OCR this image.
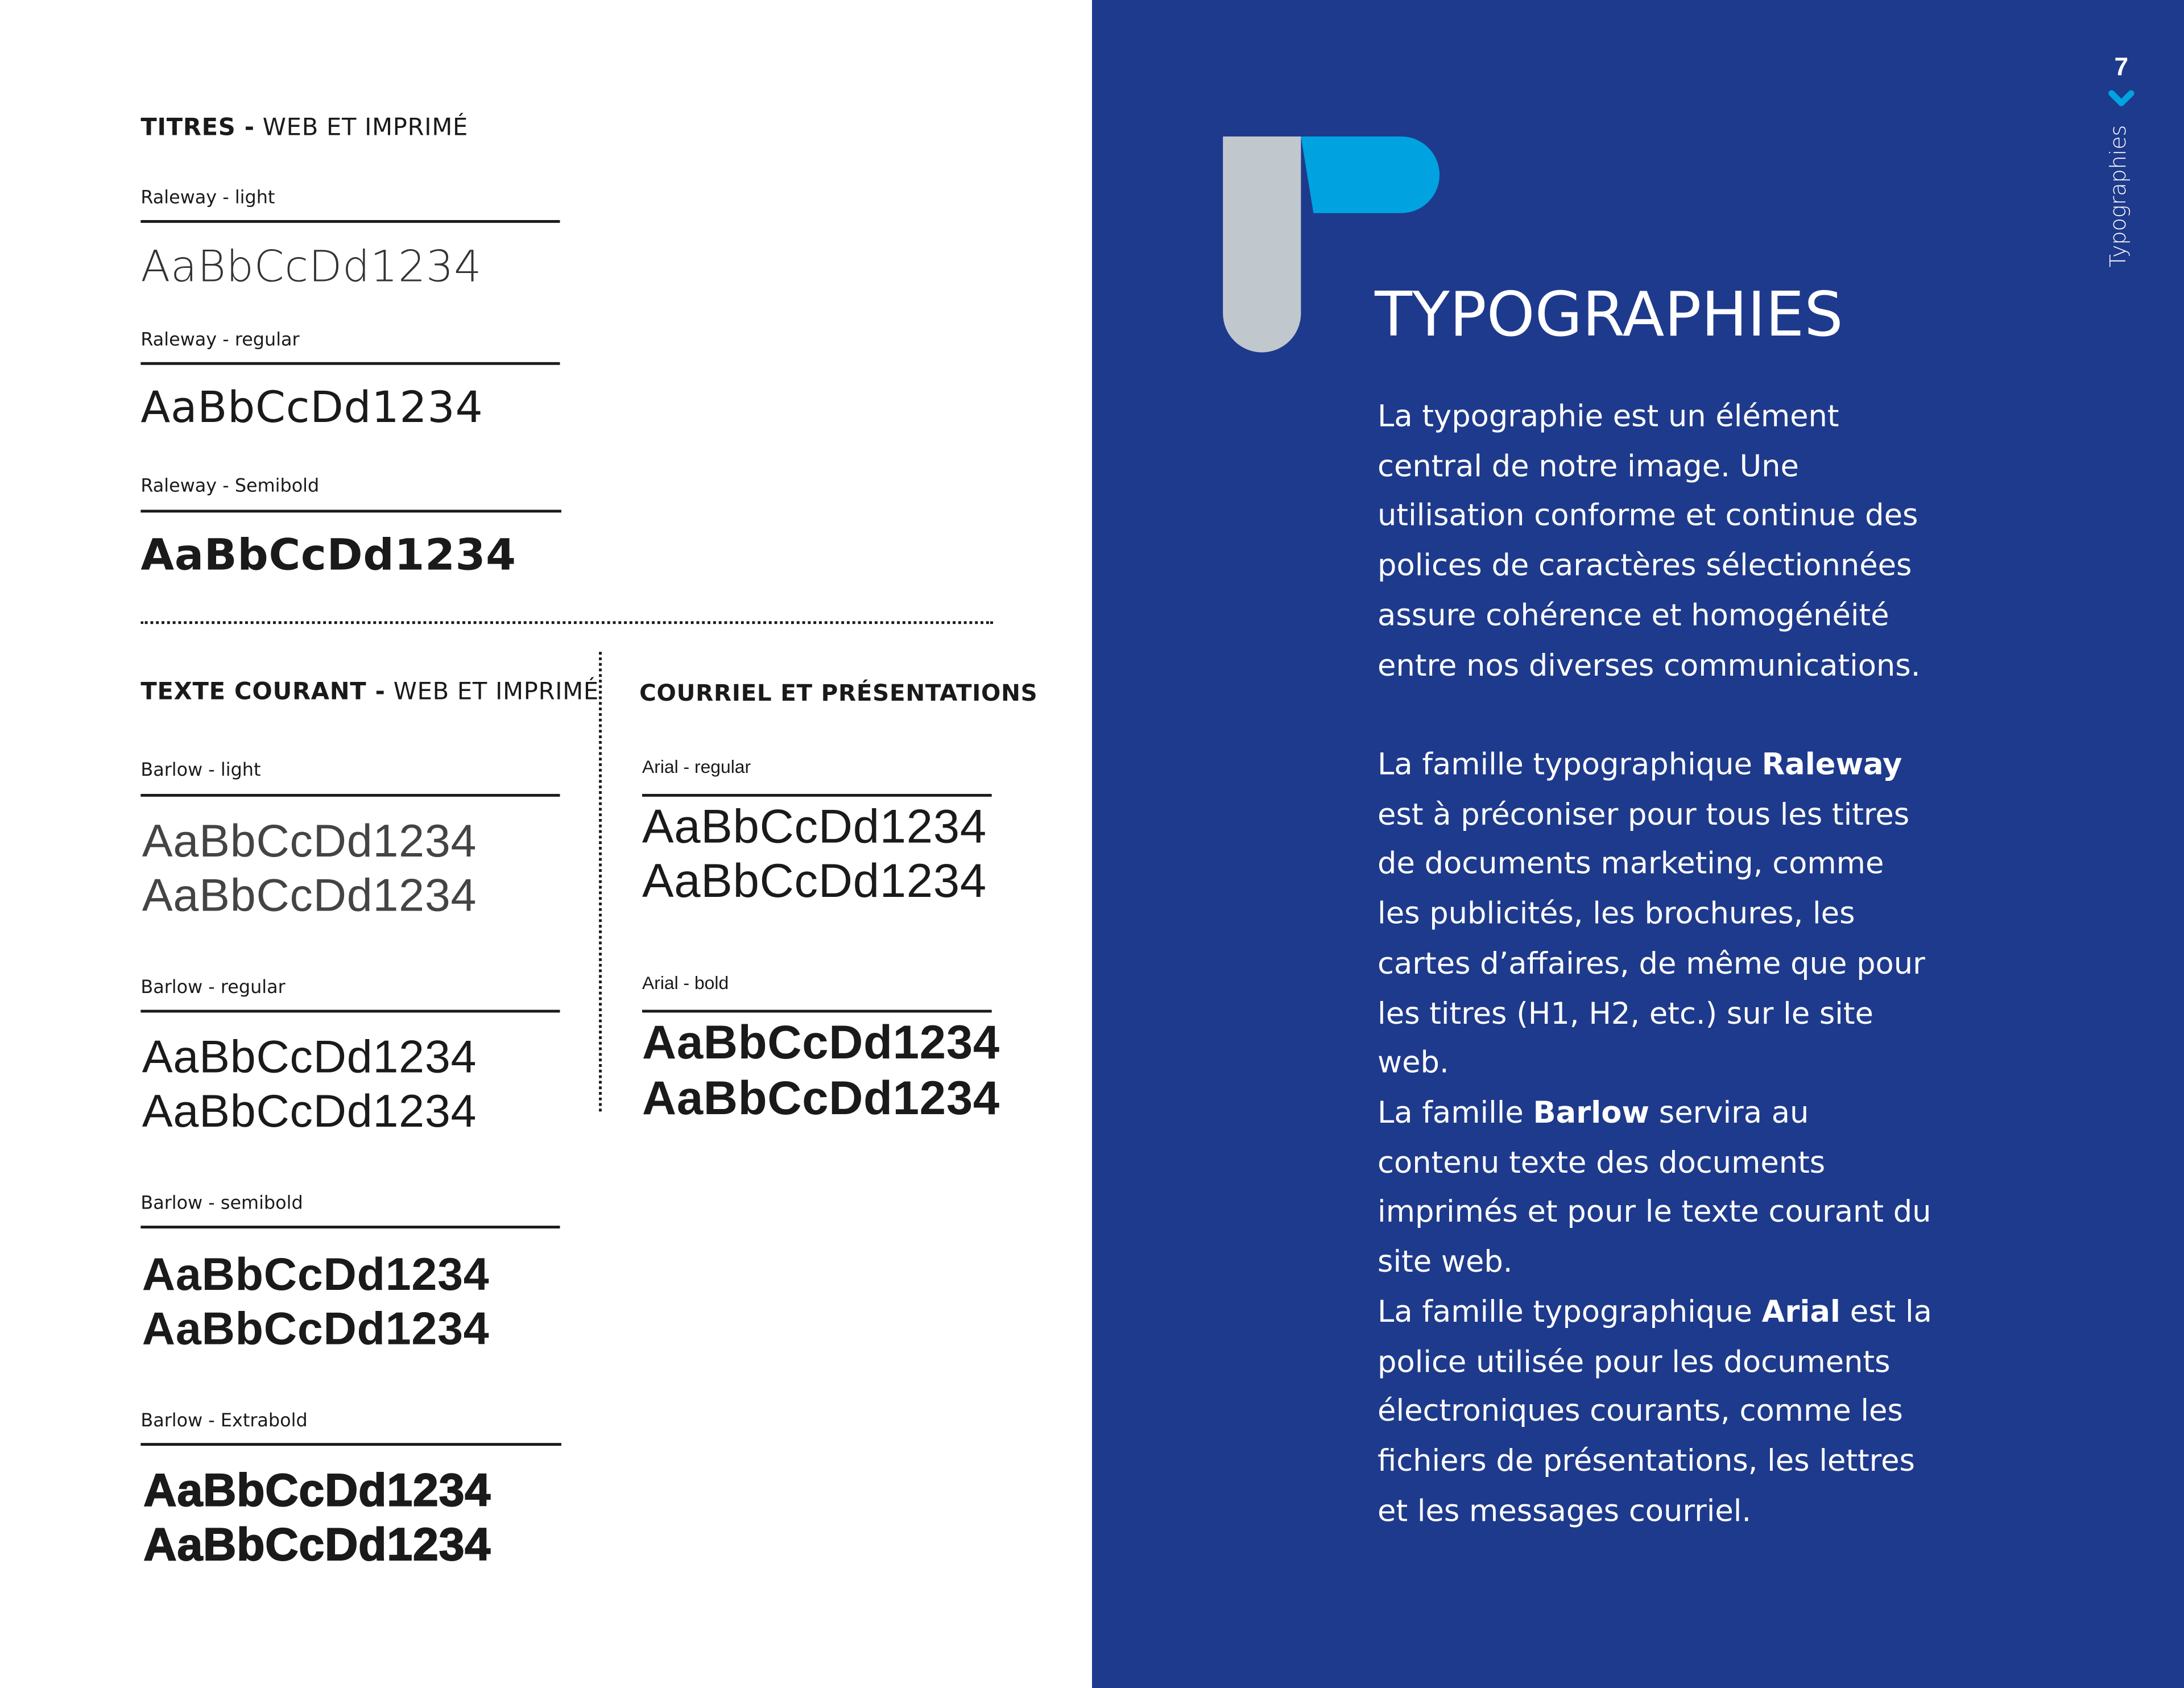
TITRES - WEB ET IMPRIMÉ
Raleway - light
AaBbCcDd1234
Raleway - regular
AaBbCcDd1234
Raleway - Semibold
AaBbCcDd1234
TEXTE COURANT - WEB ET IMPRIMÉ	COURRIEL ET PRÉSENTATIONS
Barlow - light
AaBbCcDd1234
AaBbCcDd1234
Barlow - regular
AaBbCcDd1234
AaBbCcDd1234
Barlow - semibold
AaBbCcDd1234
AaBbCcDd1234
Barlow - Extrabold
AaBbCcDd1234
AaBbCcDd1234
Arial - regular
AaBbCcDd1234
AaBbCcDd1234
Arial - bold
AaBbCcDd1234
AaBbCcDd1234
TYPOGRAPHIES
La typographie est un élément central de notre image. Une utilisation conforme et continue des polices de caractères sélectionnées assure cohérence et homogénéité entre nos diverses communications.
La famille typographique Raleway est à préconiser pour tous les titres de documents marketing, comme les publicités, les brochures, les cartes d’affaires, de même que pour les titres (H1, H2, etc.) sur le site web.
La famille Barlow servira au contenu texte des documents imprimés et pour le texte courant du site web.
La famille typographique Arial est la police utilisée pour les documents électroniques courants, comme les fichiers de présentations, les lettres et les messages courriel.
7
Typographies
